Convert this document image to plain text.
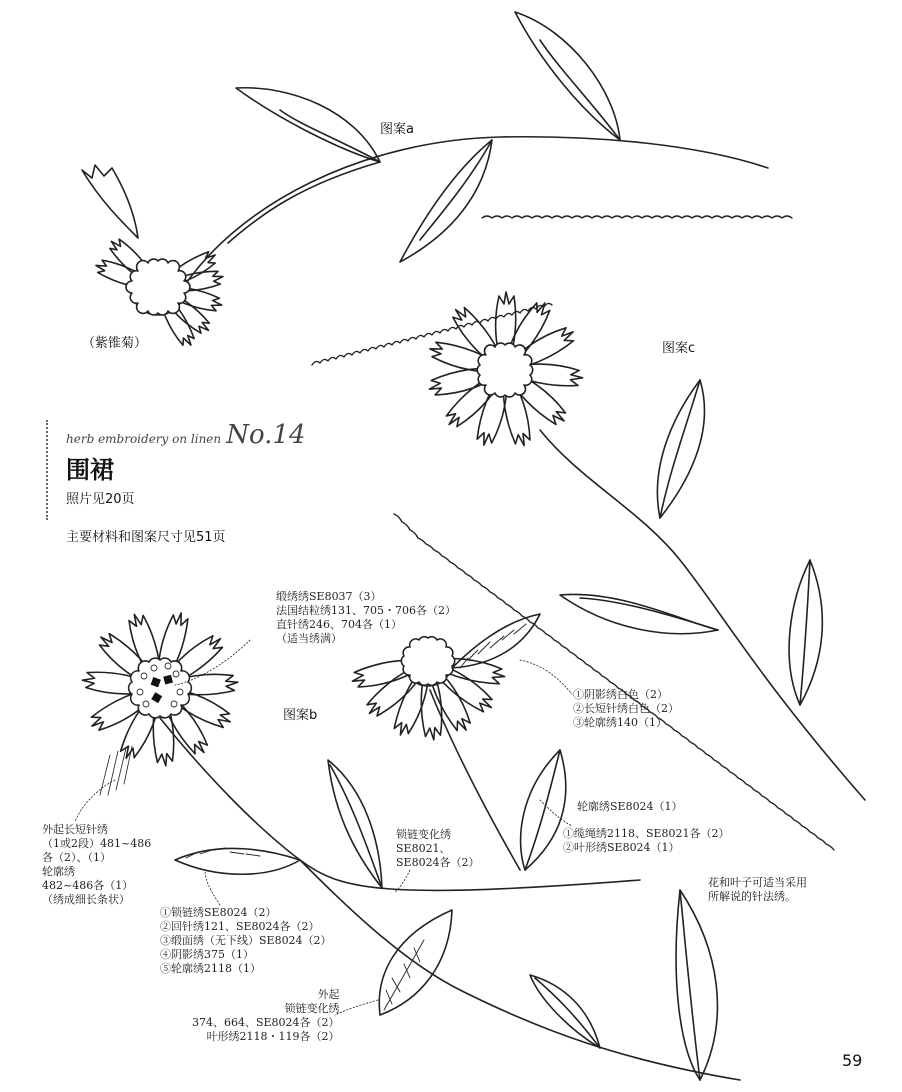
图案a
（紫锥菊）	图案c
图案b
herb embroidery on linen No.14
围裙
照片见20页
主要材料和图案尺寸见51页
缎绣绣SE8037（3）
法国结粒绣131、705・706各（2）
直针绣246、704各（1）
（适当绣满）
①阴影绣白色（2）
②长短针绣白色（2）
③轮廓绣140（1）
外起长短针绣
（1或2段）481~486
各（2）、（1）
轮廓绣
482~486各（1）
（绣成细长条状）
锁链变化绣
SE8021、
SE8024各（2）
轮廓绣SE8024（1）
①缆绳绣2118、SE8021各（2）
②叶形绣SE8024（1）
①锁链绣SE8024（2）
②回针绣121、SE8024各（2）
③缎面绣（无下线）SE8024（2）
④阴影绣375（1）
⑤轮廓绣2118（1）
外起
锁链变化绣
374、664、SE8024各（2）
叶形绣2118・119各（2）
花和叶子可适当采用
所解说的针法绣。
59
